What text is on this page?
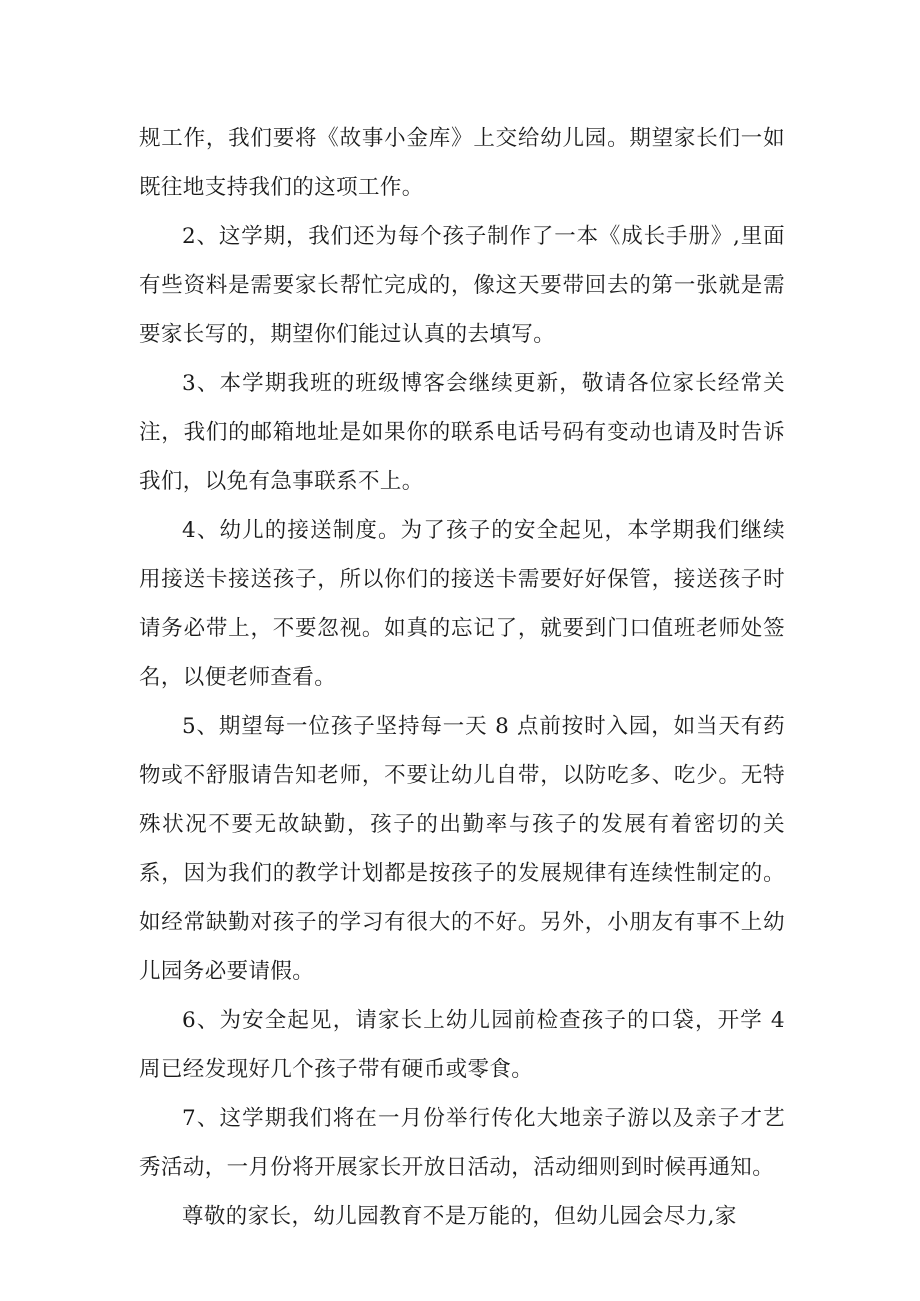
规工作，我们要将《故事小金库》上交给幼儿园。期望家长们一如既往地支持我们的这项工作。

2、这学期，我们还为每个孩子制作了一本《成长手册》,里面有些资料是需要家长帮忙完成的，像这天要带回去的第一张就是需要家长写的，期望你们能过认真的去填写。

3、本学期我班的班级博客会继续更新，敬请各位家长经常关注，我们的邮箱地址是如果你的联系电话号码有变动也请及时告诉我们，以免有急事联系不上。

4、幼儿的接送制度。为了孩子的安全起见，本学期我们继续用接送卡接送孩子，所以你们的接送卡需要好好保管，接送孩子时请务必带上，不要忽视。如真的忘记了，就要到门口值班老师处签名，以便老师查看。

5、期望每一位孩子坚持每一天 8 点前按时入园，如当天有药物或不舒服请告知老师，不要让幼儿自带，以防吃多、吃少。无特殊状况不要无故缺勤，孩子的出勤率与孩子的发展有着密切的关系，因为我们的教学计划都是按孩子的发展规律有连续性制定的。如经常缺勤对孩子的学习有很大的不好。另外，小朋友有事不上幼儿园务必要请假。

6、为安全起见，请家长上幼儿园前检查孩子的口袋，开学 4 周已经发现好几个孩子带有硬币或零食。

7、这学期我们将在一月份举行传化大地亲子游以及亲子才艺秀活动，一月份将开展家长开放日活动，活动细则到时候再通知。

尊敬的家长，幼儿园教育不是万能的，但幼儿园会尽力,家
